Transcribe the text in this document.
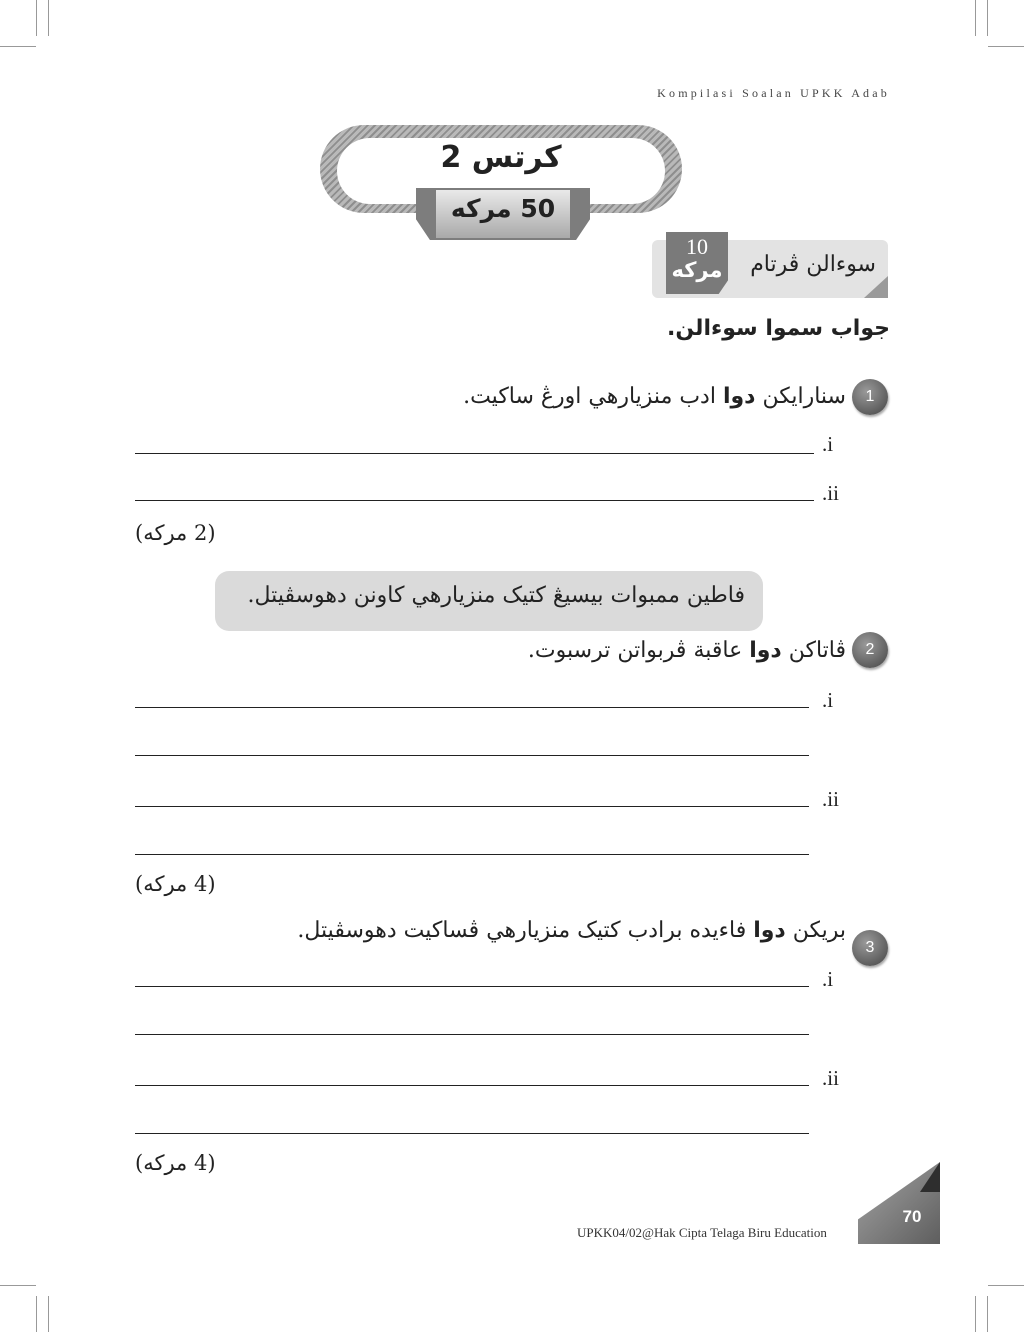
Kompilasi Soalan UPKK Adab
کرتس 2
50 مرکه
سوءالن ڤرتام
10
مرکه
جواب سموا سوءالن.
1
سنارايکن دوا ادب منزيارهي اورڠ ساکيت.
.i
.ii
(2 مرکه)
فاطين ممبوات بيسيڠ کتيک منزيارهي کاونن دهوسڤيتل.
2
ڤاتاکن دوا عاقبة ڤربواتن ترسبوت.
.i
.ii
(4 مرکه)
3
بريکن دوا فاءيده برادب کتيک منزيارهي ڤساکيت دهوسڤيتل.
.i
.ii
(4 مرکه)
UPKK04/02@Hak Cipta Telaga Biru Education
70
